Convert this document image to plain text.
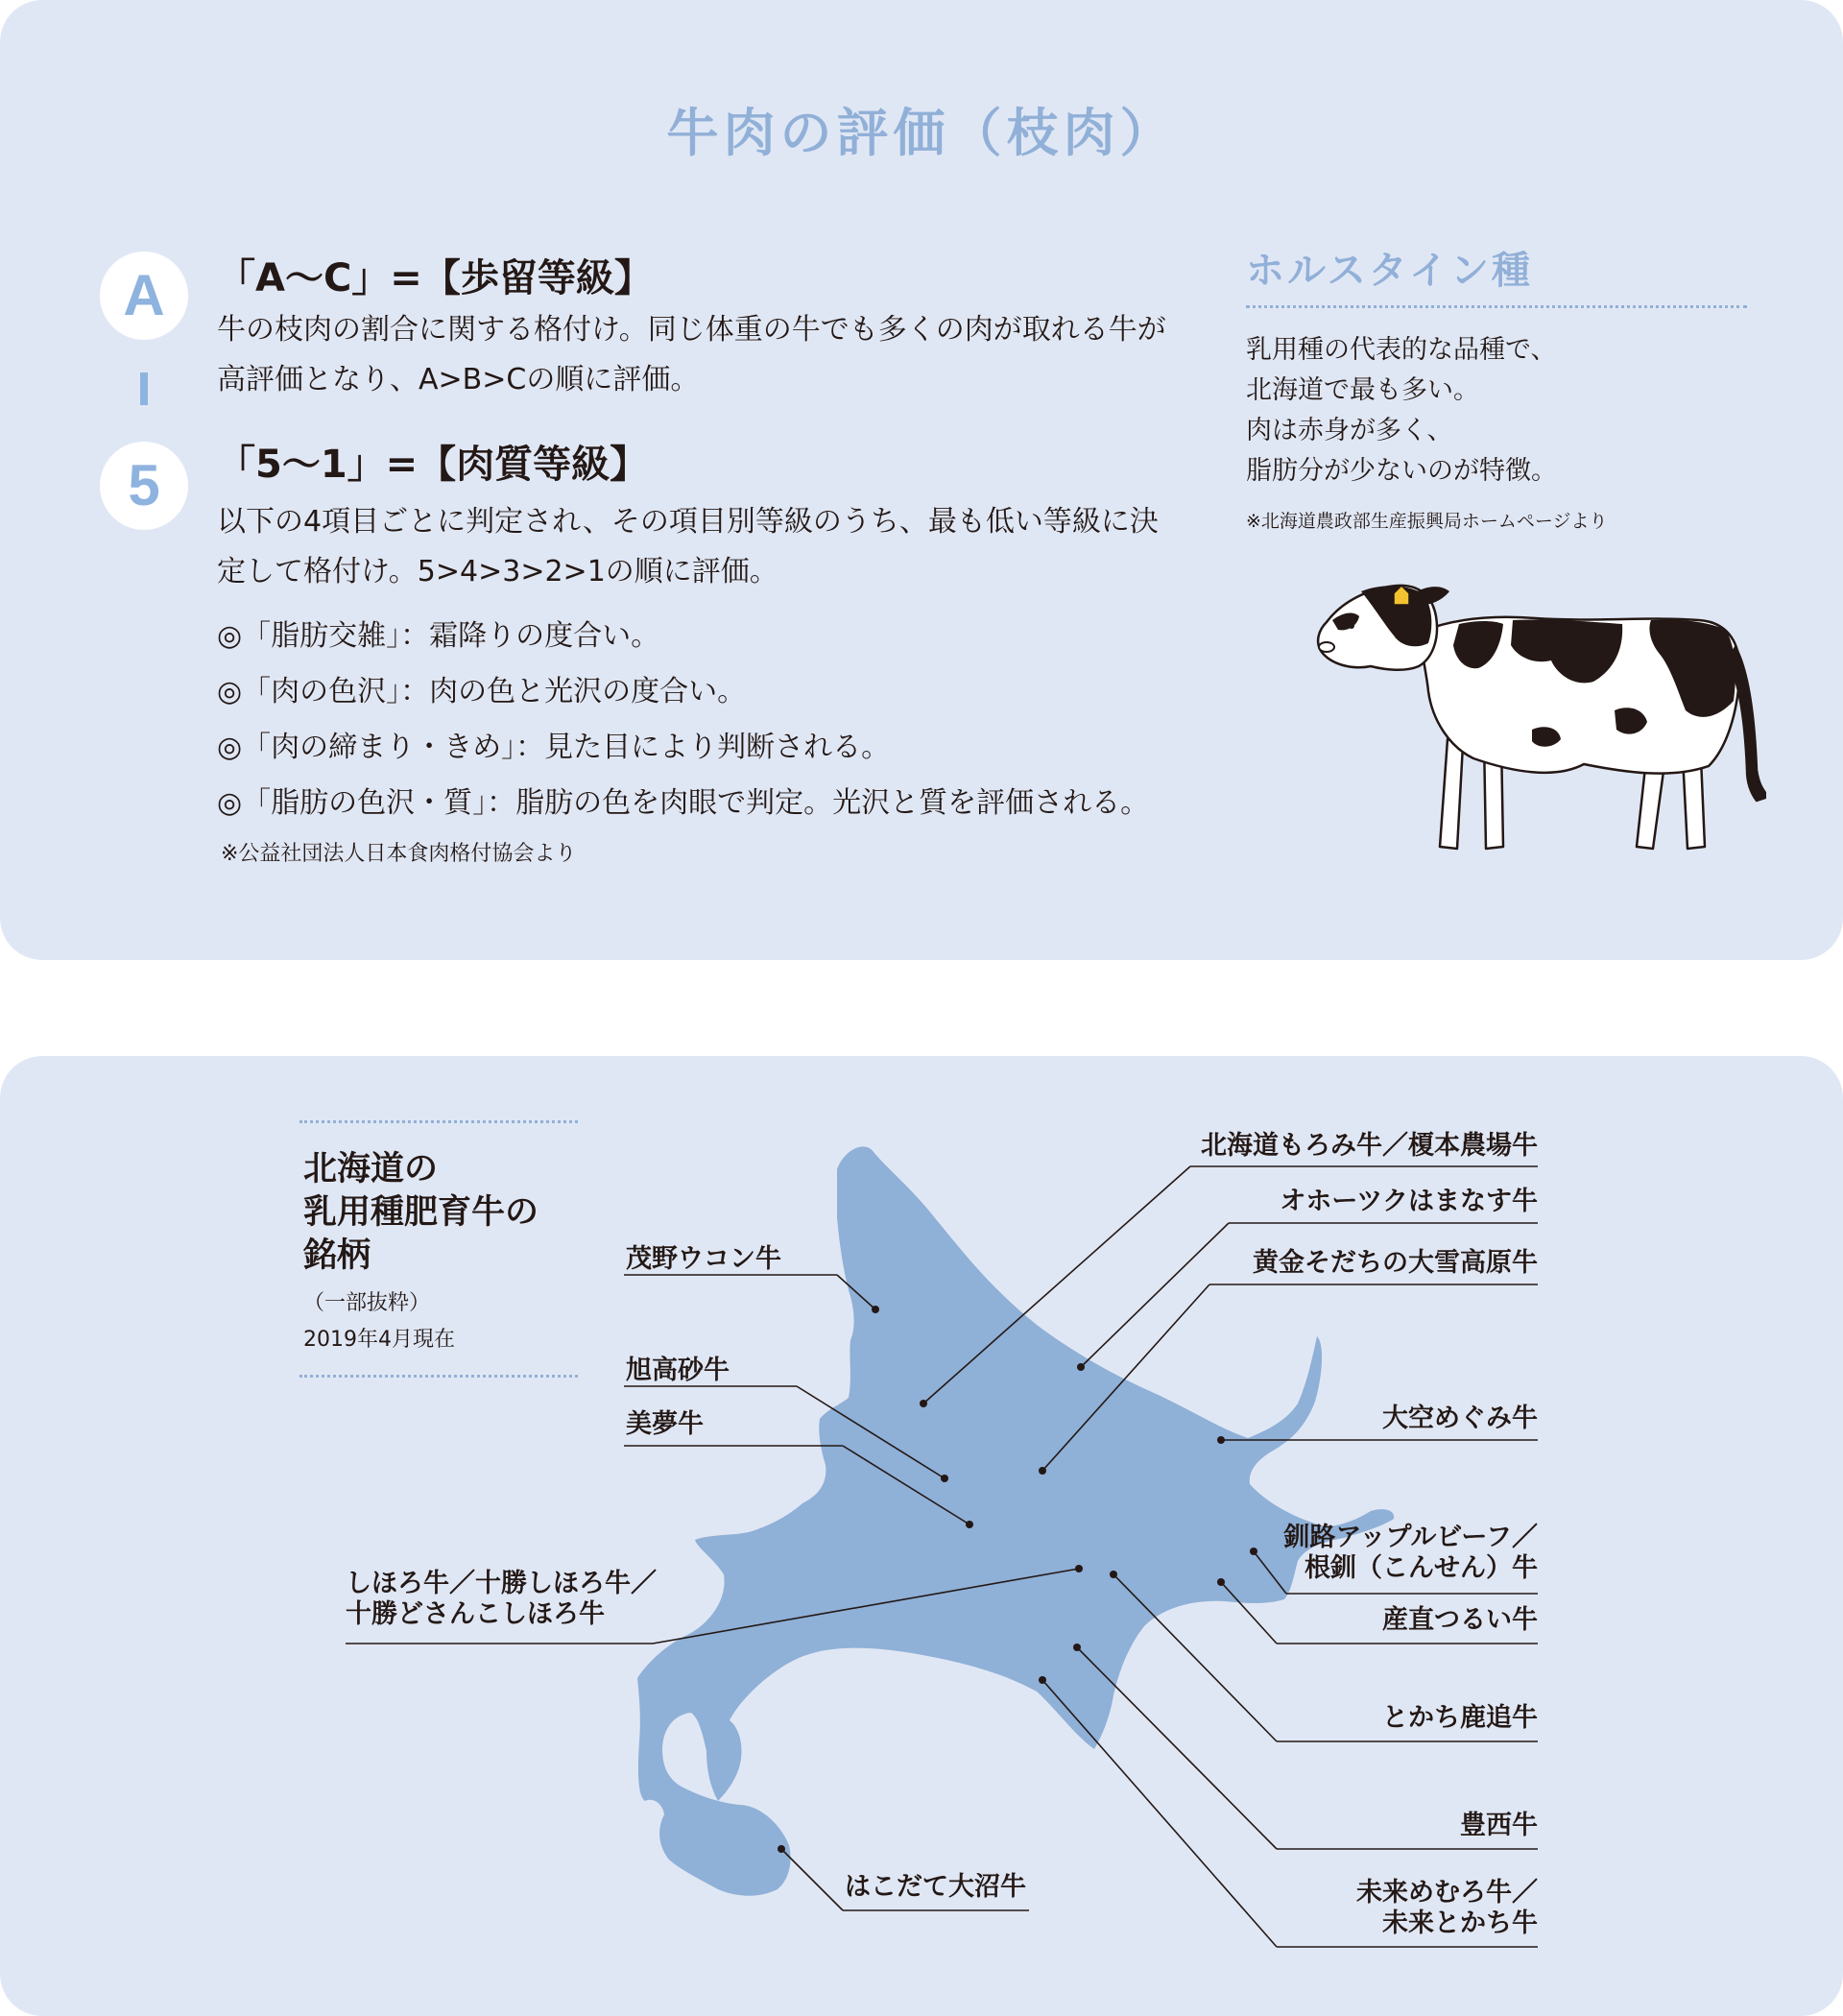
牛肉の評価（枝肉）
A
5

「A〜C」=【歩留等級】

牛の枝肉の割合に関する格付け。同じ体重の牛でも多くの肉が取れる牛が高評価となり、A>B>Cの順に評価。

「5〜1」=【肉質等級】

以下の4項目ごとに判定され、その項目別等級のうち、最も低い等級に決定して格付け。5>4>3>2>1の順に評価。

◎「脂肪交雑」：霜降りの度合い。
◎「肉の色沢」：肉の色と光沢の度合い。
◎「肉の締まり・きめ」：見た目により判断される。
◎「脂肪の色沢・質」：脂肪の色を肉眼で判定。光沢と質を評価される。

※公益社団法人日本食肉格付協会より

ホルスタイン種
乳用種の代表的な品種で、
北海道で最も多い。
肉は赤身が多く、
脂肪分が少ないのが特徴。

※北海道農政部生産振興局ホームページより

北海道の
乳用種肥育牛の
銘柄

（一部抜粋）

2019年4月現在

北海道もろみ牛／榎本農場牛

オホーツクはまなす牛

黄金そだちの大雪高原牛

大空めぐみ牛

釧路アップルビーフ／

根釧（こんせん）牛

産直つるい牛

とかち鹿追牛

豊西牛

未来めむろ牛／

未来とかち牛

茂野ウコン牛

旭高砂牛

美夢牛

しほろ牛／十勝しほろ牛／

十勝どさんこしほろ牛

はこだて大沼牛
